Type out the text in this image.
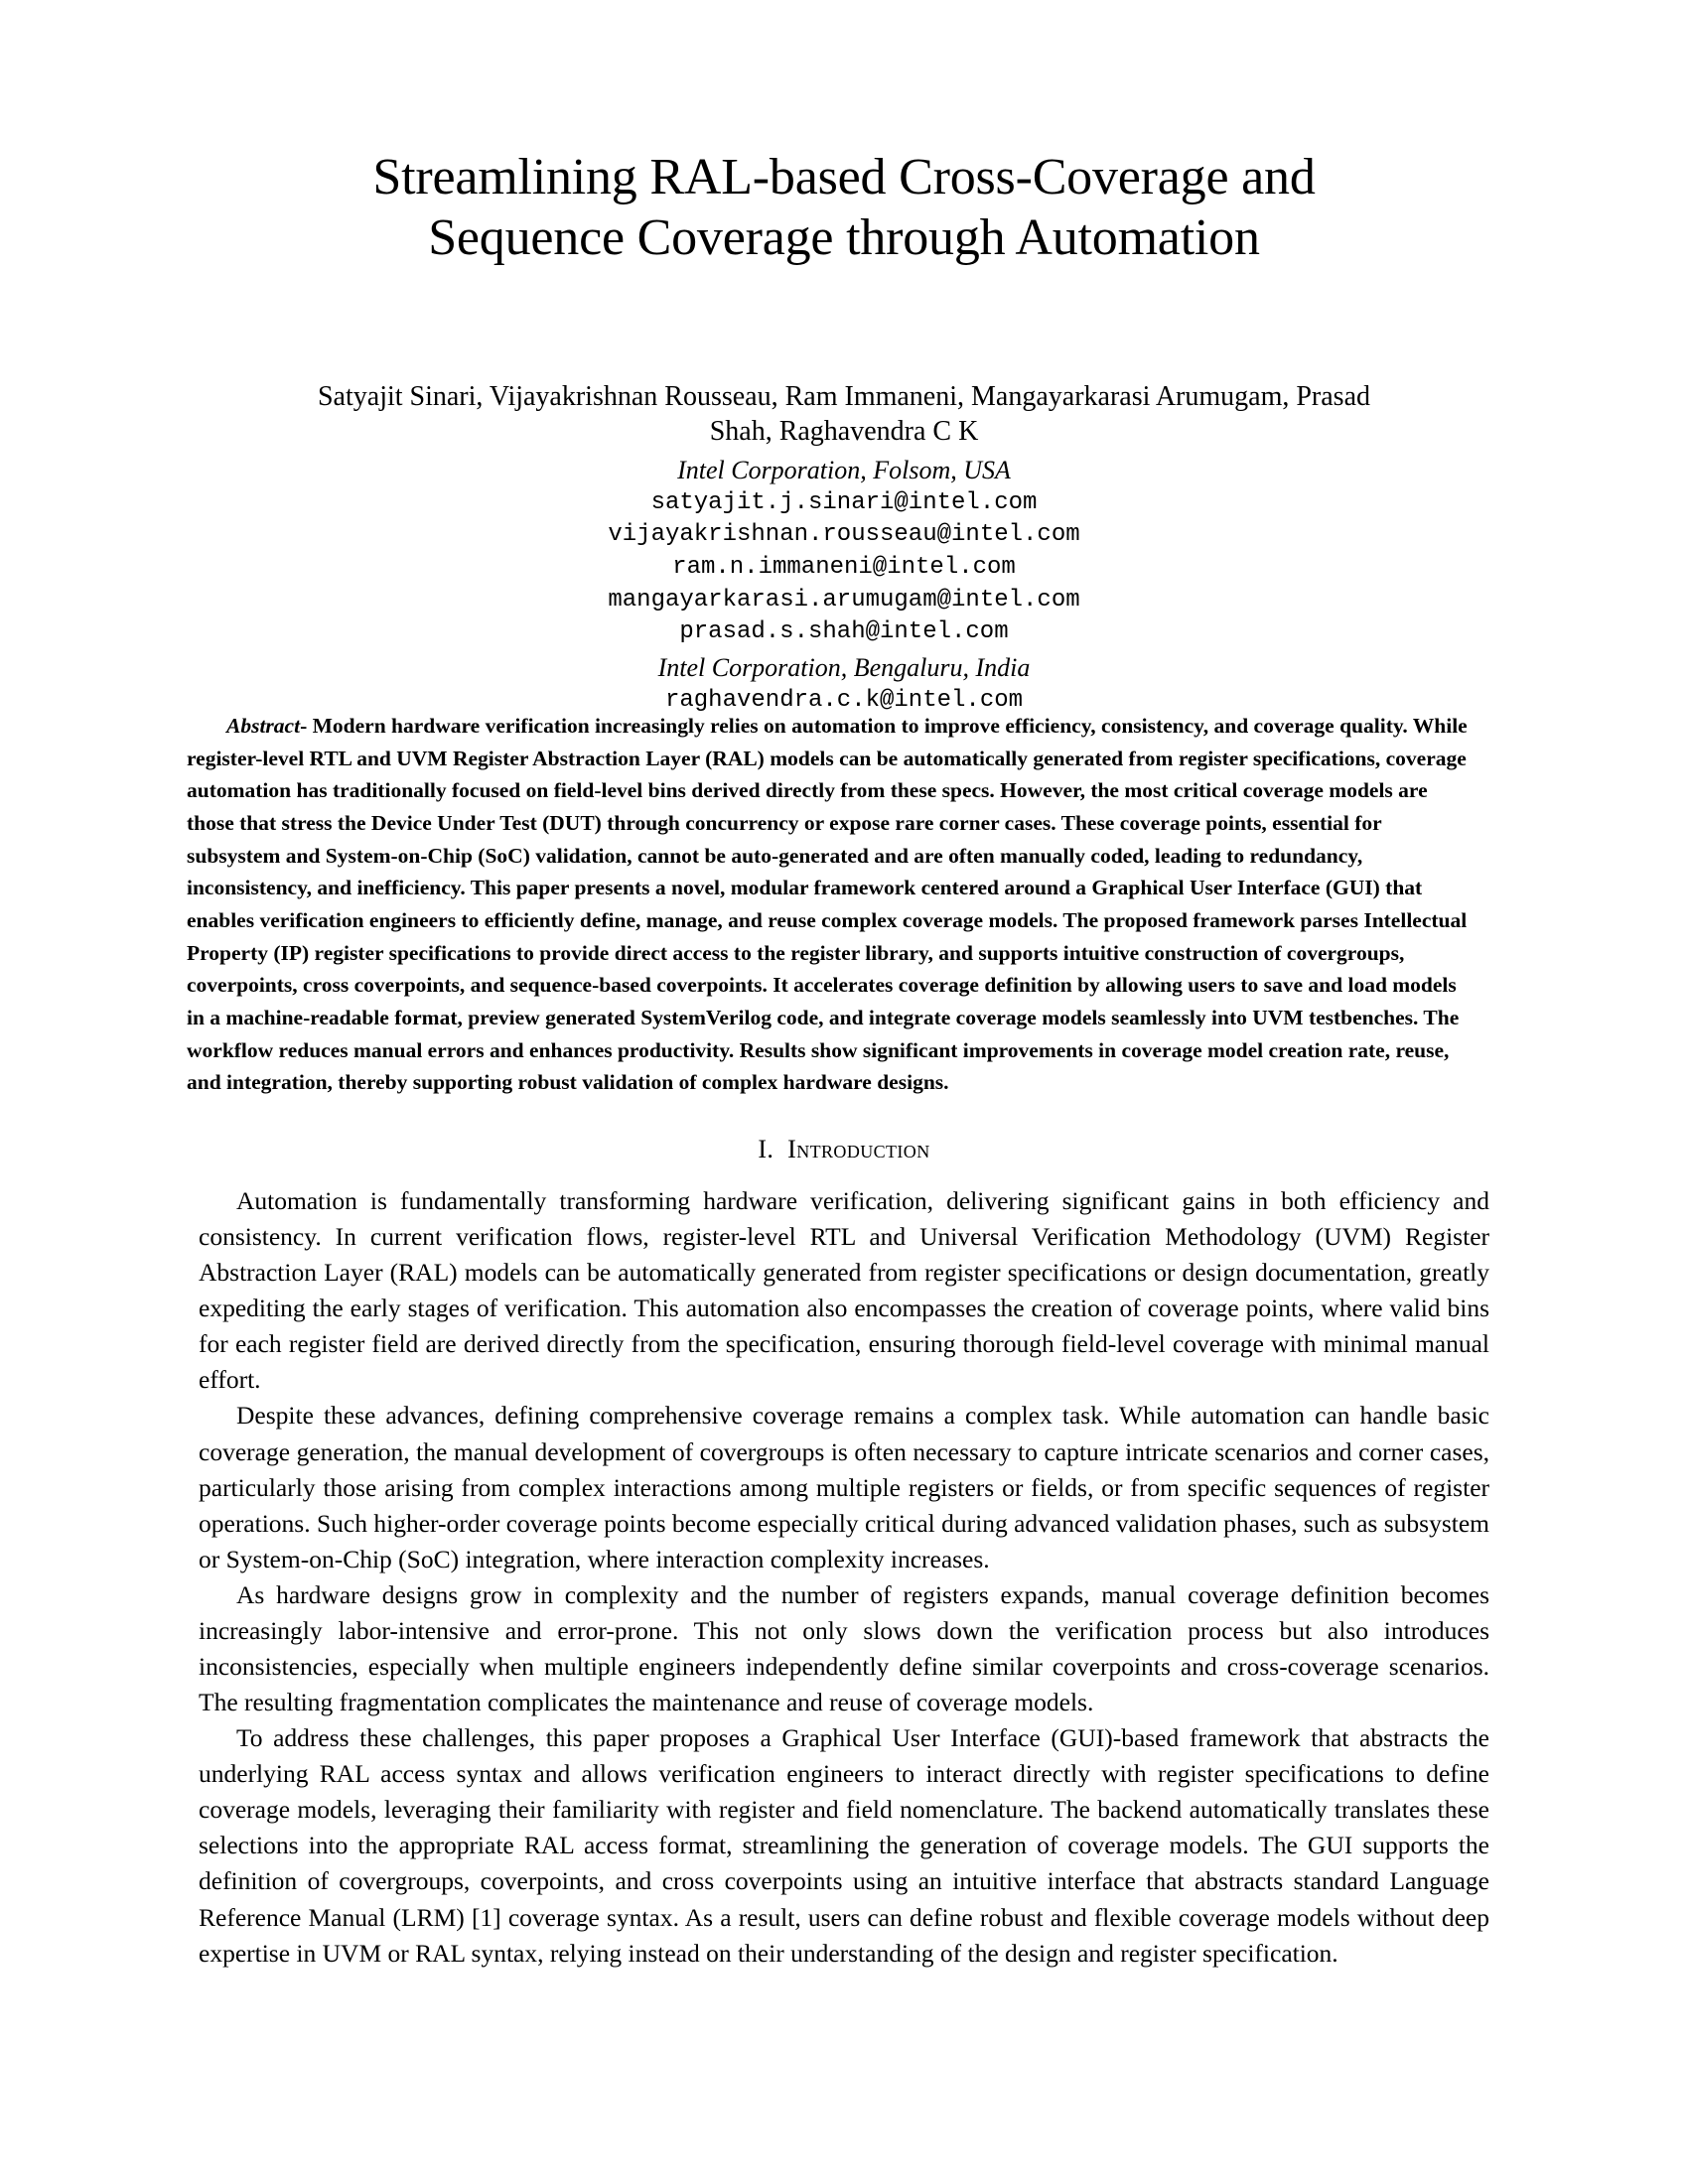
Streamlining RAL-based Cross-Coverage and
Sequence Coverage through Automation
Satyajit Sinari, Vijayakrishnan Rousseau, Ram Immaneni, Mangayarkarasi Arumugam, Prasad
Shah, Raghavendra C K
Intel Corporation, Folsom, USA
satyajit.j.sinari@intel.com
vijayakrishnan.rousseau@intel.com
ram.n.immaneni@intel.com
mangayarkarasi.arumugam@intel.com
prasad.s.shah@intel.com
Intel Corporation, Bengaluru, India
raghavendra.c.k@intel.com
Abstract- Modern hardware verification increasingly relies on automation to improve efficiency, consistency, and coverage quality. While register-level RTL and UVM Register Abstraction Layer (RAL) models can be automatically generated from register specifications, coverage automation has traditionally focused on field-level bins derived directly from these specs. However, the most critical coverage models are those that stress the Device Under Test (DUT) through concurrency or expose rare corner cases. These coverage points, essential for subsystem and System-on-Chip (SoC) validation, cannot be auto-generated and are often manually coded, leading to redundancy, inconsistency, and inefficiency. This paper presents a novel, modular framework centered around a Graphical User Interface (GUI) that enables verification engineers to efficiently define, manage, and reuse complex coverage models. The proposed framework parses Intellectual Property (IP) register specifications to provide direct access to the register library, and supports intuitive construction of covergroups, coverpoints, cross coverpoints, and sequence-based coverpoints. It accelerates coverage definition by allowing users to save and load models in a machine-readable format, preview generated SystemVerilog code, and integrate coverage models seamlessly into UVM testbenches. The workflow reduces manual errors and enhances productivity. Results show significant improvements in coverage model creation rate, reuse, and integration, thereby supporting robust validation of complex hardware designs.
I. Introduction

Automation is fundamentally transforming hardware verification, delivering significant gains in both efficiency and consistency. In current verification flows, register-level RTL and Universal Verification Methodology (UVM) Register Abstraction Layer (RAL) models can be automatically generated from register specifications or design documentation, greatly expediting the early stages of verification. This automation also encompasses the creation of coverage points, where valid bins for each register field are derived directly from the specification, ensuring thorough field-level coverage with minimal manual effort.

Despite these advances, defining comprehensive coverage remains a complex task. While automation can handle basic coverage generation, the manual development of covergroups is often necessary to capture intricate scenarios and corner cases, particularly those arising from complex interactions among multiple registers or fields, or from specific sequences of register operations. Such higher-order coverage points become especially critical during advanced validation phases, such as subsystem or System-on-Chip (SoC) integration, where interaction complexity increases.

As hardware designs grow in complexity and the number of registers expands, manual coverage definition becomes increasingly labor-intensive and error-prone. This not only slows down the verification process but also introduces inconsistencies, especially when multiple engineers independently define similar coverpoints and cross-coverage scenarios. The resulting fragmentation complicates the maintenance and reuse of coverage models.

To address these challenges, this paper proposes a Graphical User Interface (GUI)-based framework that abstracts the underlying RAL access syntax and allows verification engineers to interact directly with register specifications to define coverage models, leveraging their familiarity with register and field nomenclature. The backend automatically translates these selections into the appropriate RAL access format, streamlining the generation of coverage models. The GUI supports the definition of covergroups, coverpoints, and cross coverpoints using an intuitive interface that abstracts standard Language Reference Manual (LRM) [1] coverage syntax. As a result, users can define robust and flexible coverage models without deep expertise in UVM or RAL syntax, relying instead on their understanding of the design and register specification.
